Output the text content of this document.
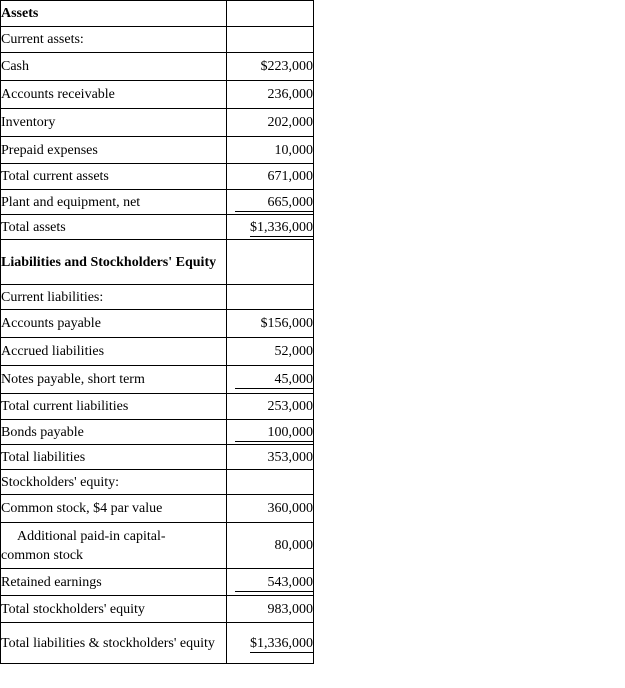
Assets	
Current assets:	
Cash	$223,000
Accounts receivable	236,000
Inventory	202,000
Prepaid expenses	10,000
Total current assets	671,000
Plant and equipment, net	665,000
Total assets	$1,336,000
Liabilities and Stockholders' Equity	
Current liabilities:	
Accounts payable	$156,000
Accrued liabilities	52,000
Notes payable, short term	45,000
Total current liabilities	253,000
Bonds payable	100,000
Total liabilities	353,000
Stockholders' equity:	
Common stock, $4 par value	360,000

Additional paid-in capital-
common stock	80,000
Retained earnings	543,000
Total stockholders' equity	983,000
Total liabilities & stockholders' equity	$1,336,000
